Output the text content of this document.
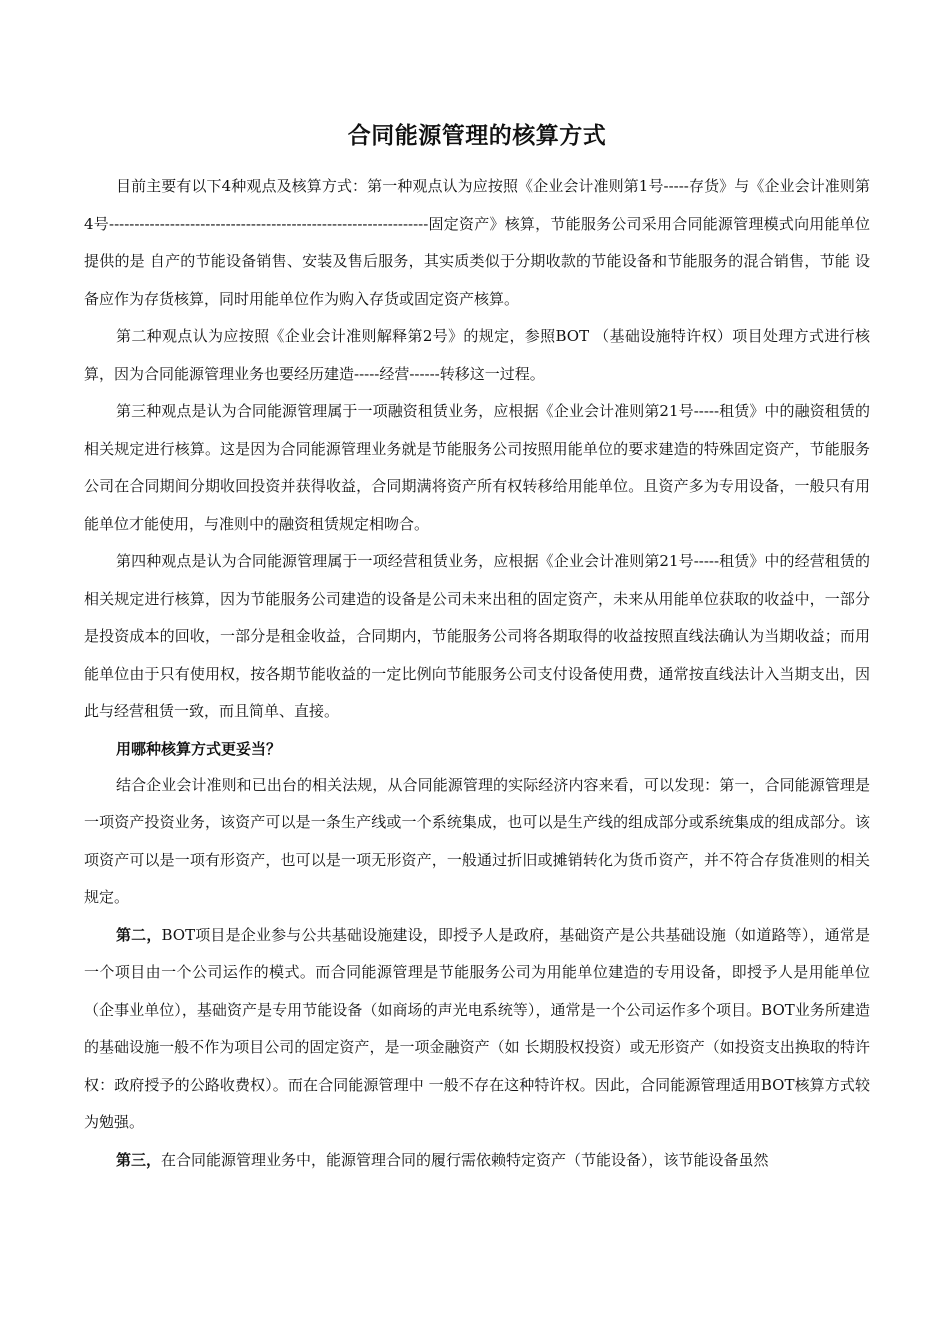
合同能源管理的核算方式

目前主要有以下4种观点及核算方式：第一种观点认为应按照《企业会计准则第1号-----存货》与《企业会计准则第4号---------------------------------------------------------------固定资产》核算，节能服务公司采用合同能源管理模式向用能单位提供的是 自产的节能设备销售、安装及售后服务，其实质类似于分期收款的节能设备和节能服务的混合销售，节能 设备应作为存货核算，同时用能单位作为购入存货或固定资产核算。

第二种观点认为应按照《企业会计准则解释第2号》的规定，参照BOT （基础设施特许权）项目处理方式进行核算，因为合同能源管理业务也要经历建造-----经营------转移这一过程。

第三种观点是认为合同能源管理属于一项融资租赁业务，应根据《企业会计准则第21号-----租赁》中的融资租赁的相关规定进行核算。这是因为合同能源管理业务就是节能服务公司按照用能单位的要求建造的特殊固定资产，节能服务公司在合同期间分期收回投资并获得收益，合同期满将资产所有权转移给用能单位。且资产多为专用设备，一般只有用能单位才能使用，与准则中的融资租赁规定相吻合。

第四种观点是认为合同能源管理属于一项经营租赁业务，应根据《企业会计准则第21号-----租赁》中的经营租赁的相关规定进行核算，因为节能服务公司建造的设备是公司未来出租的固定资产，未来从用能单位获取的收益中，一部分是投资成本的回收，一部分是租金收益，合同期内，节能服务公司将各期取得的收益按照直线法确认为当期收益；而用能单位由于只有使用权，按各期节能收益的一定比例向节能服务公司支付设备使用费，通常按直线法计入当期支出，因此与经营租赁一致，而且简单、直接。

用哪种核算方式更妥当？

结合企业会计准则和已出台的相关法规，从合同能源管理的实际经济内容来看，可以发现：第一，合同能源管理是一项资产投资业务，该资产可以是一条生产线或一个系统集成，也可以是生产线的组成部分或系统集成的组成部分。该项资产可以是一项有形资产，也可以是一项无形资产，一般通过折旧或摊销转化为货币资产，并不符合存货准则的相关规定。

第二，BOT项目是企业参与公共基础设施建设，即授予人是政府，基础资产是公共基础设施（如道路等），通常是一个项目由一个公司运作的模式。而合同能源管理是节能服务公司为用能单位建造的专用设备，即授予人是用能单位（企事业单位），基础资产是专用节能设备（如商场的声光电系统等），通常是一个公司运作多个项目。BOT业务所建造的基础设施一般不作为项目公司的固定资产，是一项金融资产（如 长期股权投资）或无形资产（如投资支出换取的特许权：政府授予的公路收费权）。而在合同能源管理中 一般不存在这种特许权。因此，合同能源管理适用BOT核算方式较为勉强。

第三，在合同能源管理业务中，能源管理合同的履行需依赖特定资产（节能设备），该节能设备虽然
